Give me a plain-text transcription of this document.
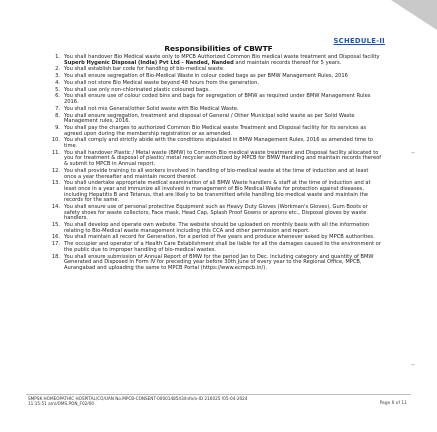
SCHEDULE-II
Responsibilities of CBWTF
1. You shall handover Bio Medical waste only to MPCB Authorized Common Bio medical waste treatment and Disposal facility Superb Hygenic Disposal (India) Pvt Ltd - Nanded, Nanded and maintain records thereof for 5 years.
2. You shall establish bar code for handling of bio-medical waste.
3. You shall ensure segregation of Bio-Medical Waste in colour coded bags as per BMW Management Rules, 2016
4. You shall not store Bio Medical waste beyond 48 hours from the generation.
5. You shall use only non-chlorinated plastic coloured bags.
6. You shall ensure use of colour coded bins and bags for segregation of BMW as required under BMW Management Rules 2016.
7. You shall not mix General/other Solid waste with Bio Medical Waste.
8. You shall ensure segregation, treatment and disposal of General / Other Municipal solid waste as per Solid Waste Management rules, 2016.
9. You shall pay the charges to authorized Common Bio Medical waste Treatment and Disposal facility for its services as agreed upon during the membership registration or as amended.
10. You shall comply and strictly abide with the conditions stipulated in BMW Management Rules, 2016 as amended time to time.
11. You shall handover Plastic / Metal waste (BMW) to Common Bio medical waste treatment and Disposal facility allocated to you for treatment & disposal of plastic/ metal recycler authorized by MPCB for BMW Handling and maintain records thereof & submit to MPCB in Annual report.
12. You shall provide training to all workers involved in handling of bio-medical waste at the time of induction and at least once a year thereafter and maintain record thereof.
13. You shall undertake appropriate medical examination of all BMW Waste handlers & staff at the time of induction and at least once in a year and immunize all involved in management of Bio Medical Waste for protection against diseases, including Hepatitis B and Tetanus, that are likely to be transmitted while handling bio medical waste and maintain the records for the same.
14. You shall ensure use of personal protective Equipment such as Heavy Duty Gloves (Workman's Gloves), Gum Boots or safety shoes for waste collectors, Face mask, Head Cap, Splash Proof Gowns or aprons etc., Disposal gloves by waste handlers.
15. You shall develop and operate own website. The website should be uploaded on monthly basis with all the information relating to Bio-Medical waste management including this CCA and other permission and report.
16. You shall maintain all record for Generation, for a period of five years and produce whenever asked by MPCB authorities.
17. The occupier and operator of a Health Care Establishment shall be liable for all the damages caused to the environment or the public due to improper handling of bio-medical wastes.
18. You shall ensure submission of Annual Report of BMW for the period Jan to Dec. including category and quantity of BMW Generated and Disposed in Form IV for preceding year before 30th June of every year to the Regional Office, MPCB, Aurangabad and uploading the same to MPCB Portal (https://www.ecmpcb.in/).
SMPSK HOMEOPATHIC HOSPITAL/CO/UAN No.MPCB-CONSENT-0000148543/Info/o-ID 216025 /05-04-2024
11:15:51 am//OMS.PON_F02/00	Page 6 of 11
–
–
